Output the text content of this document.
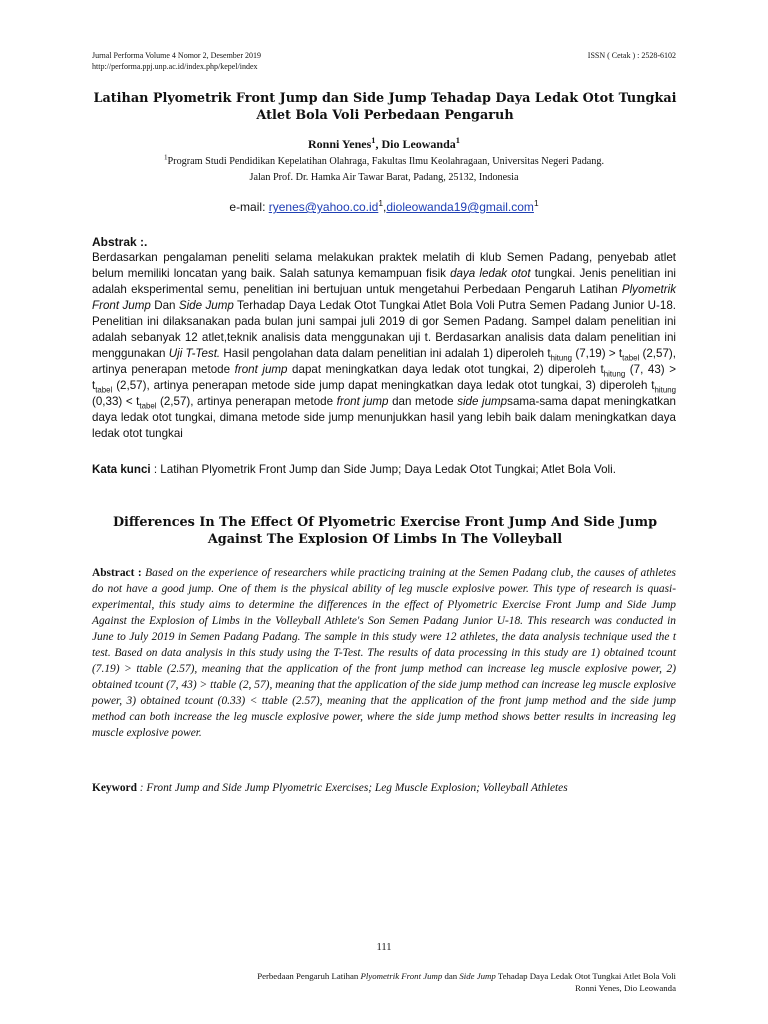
Jurnal Performa Volume 4 Nomor 2, Desember 2019
http://performa.ppj.unp.ac.id/index.php/kepel/index
ISSN ( Cetak ) : 2528-6102
Latihan Plyometrik Front Jump dan Side Jump Tehadap Daya Ledak Otot Tungkai Atlet Bola Voli Perbedaan Pengaruh
Ronni Yenes$^1$, Dio Leowanda$^1$
$^1$Program Studi Pendidikan Kepelatihan Olahraga, Fakultas Ilmu Keolahragaan, Universitas Negeri Padang.
Jalan Prof. Dr. Hamka Air Tawar Barat, Padang, 25132, Indonesia
e-mail: $ryenes@yahoo.co.id^1,dioleowanda19@gmail.com^1$
Abstrak :.
Berdasarkan pengalaman peneliti selama melakukan praktek melatih di klub Semen Padang, penyebab atlet belum memiliki loncatan yang baik. Salah satunya kemampuan fisik daya ledak otot tungkai. Jenis penelitian ini adalah eksperimental semu, penelitian ini bertujuan untuk mengetahui Perbedaan Pengaruh Latihan Plyometrik Front Jump Dan Side Jump Terhadap Daya Ledak Otot Tungkai Atlet Bola Voli Putra Semen Padang Junior U-18. Penelitian ini dilaksanakan pada bulan juni sampai juli 2019 di gor Semen Padang. Sampel dalam penelitian ini adalah sebanyak 12 atlet,teknik analisis data menggunakan uji t. Berdasarkan analisis data dalam penelitian ini menggunakan Uji T-Test. Hasil pengolahan data dalam penelitian ini adalah 1) diperoleh $t_{hitung}$ $(7,19) > t_{tabel}$ (2,57), artinya penerapan metode front jump dapat meningkatkan daya ledak otot tungkai, 2) diperoleh $t_{hitung}$ (7, $43) > t_{tabel}$ (2,57), artinya penerapan metode side jump dapat meningkatkan daya ledak otot tungkai, 3) diperoleh $t_{hitung}$ $(0,33) < t_{tabel}$ (2,57), artinya penerapan metode front jump dan metode side jumpsama-sama dapat meningkatkan daya ledak otot tungkai, dimana metode side jump menunjukkan hasil yang lebih baik dalam meningkatkan daya ledak otot tungkai
Kata kunci : Latihan Plyometrik Front Jump dan Side Jump; Daya Ledak Otot Tungkai; Atlet Bola Voli.
Differences In The Effect Of Plyometric Exercise Front Jump And Side Jump Against The Explosion Of Limbs In The Volleyball
Abstract : Based on the experience of researchers while practicing training at the Semen Padang club, the causes of athletes do not have a good jump. One of them is the physical ability of leg muscle explosive power. This type of research is quasi-experimental, this study aims to determine the differences in the effect of Plyometric Exercise Front Jump and Side Jump Against the Explosion of Limbs in the Volleyball Athlete's Son Semen Padang Junior U-18. This research was conducted in June to July 2019 in Semen Padang Padang. The sample in this study were 12 athletes, the data analysis technique used the t test. Based on data analysis in this study using the T-Test. The results of data processing in this study are 1) obtained tcount (7.19) > ttable (2.57), meaning that the application of the front jump method can increase leg muscle explosive power, 2) obtained tcount (7, 43) > ttable (2, 57), meaning that the application of the side jump method can increase leg muscle explosive power, 3) obtained tcount (0.33) < ttable (2.57), meaning that the application of the front jump method and the side jump method can both increase the leg muscle explosive power, where the side jump method shows better results in increasing leg muscle explosive power.
Keyword : Front Jump and Side Jump Plyometric Exercises; Leg Muscle Explosion; Volleyball Athletes
111
Perbedaan Pengaruh Latihan Plyometrik Front Jump dan Side Jump Tehadap Daya Ledak Otot Tungkai Atlet Bola Voli
Ronni Yenes, Dio Leowanda
